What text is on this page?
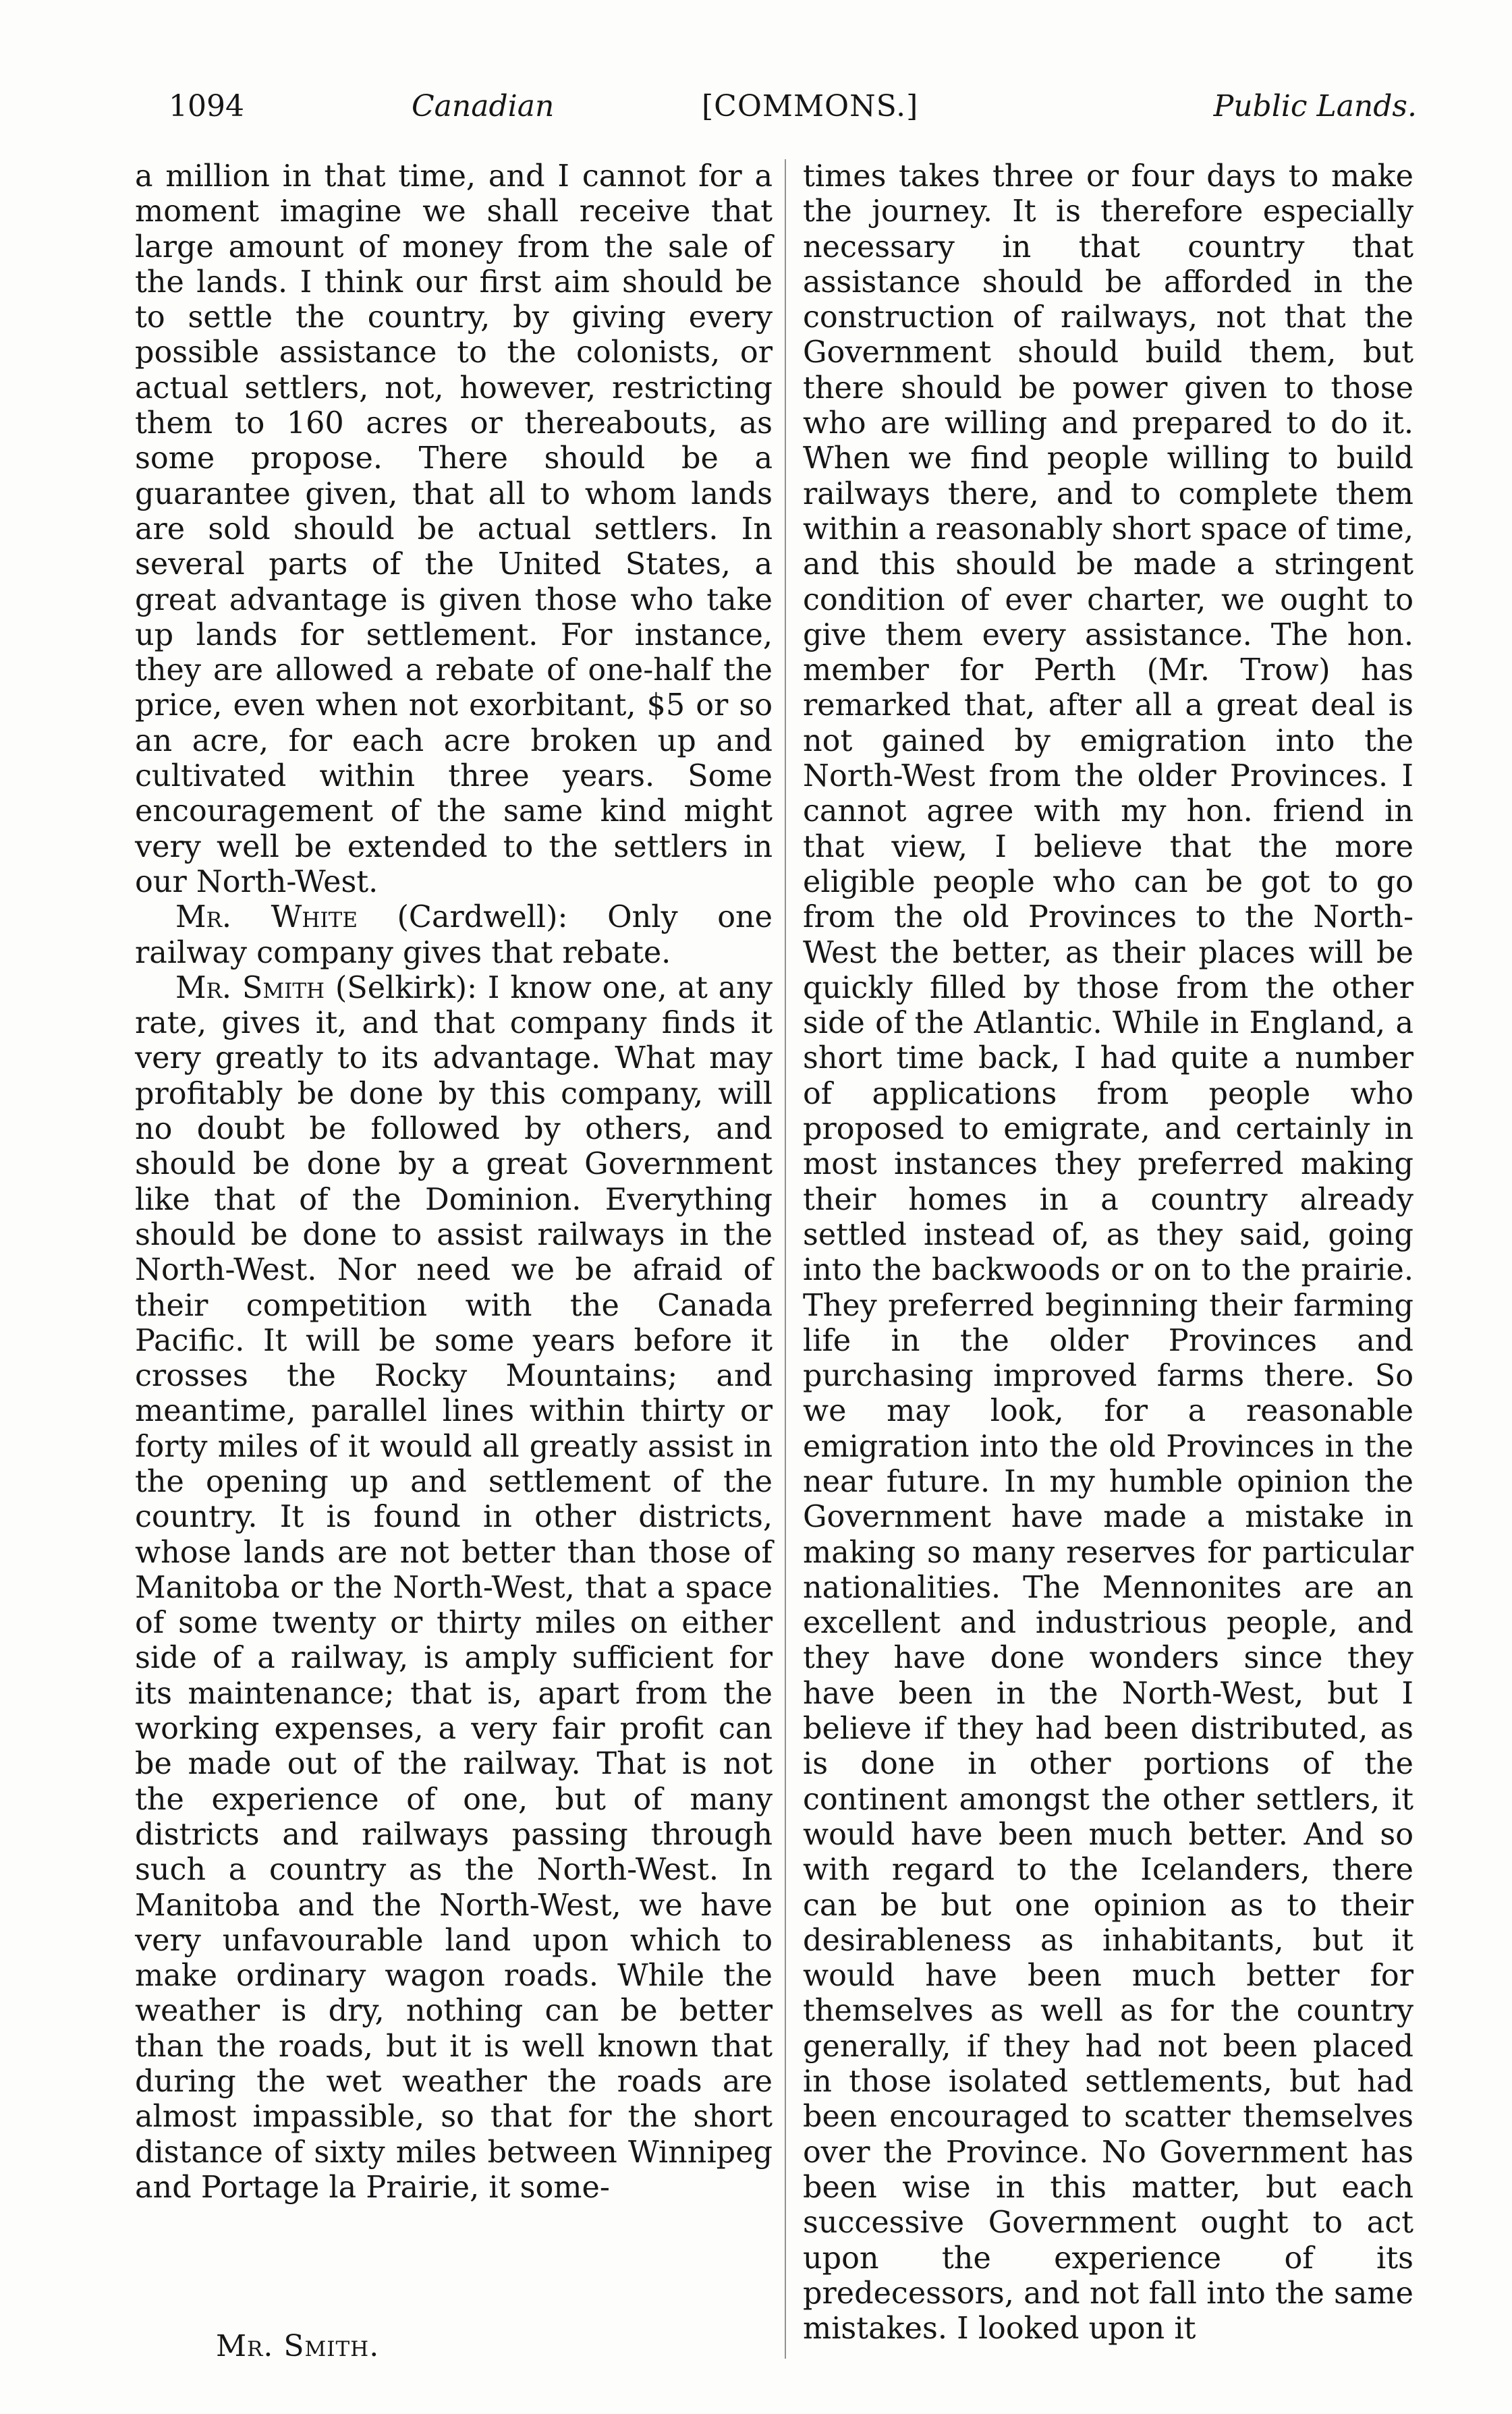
1094	Canadian	[COMMONS.]	Public Lands.

a million in that time, and I cannot for a moment imagine we shall receive that large amount of money from the sale of the lands. I think our first aim should be to settle the country, by giving every possible assistance to the colonists, or actual settlers, not, however, restricting them to 160 acres or thereabouts, as some propose. There should be a guarantee given, that all to whom lands are sold should be actual settlers. In several parts of the United States, a great advantage is given those who take up lands for settlement. For instance, they are allowed a rebate of one-half the price, even when not exorbitant, $5 or so an acre, for each acre broken up and cultivated within three years. Some encouragement of the same kind might very well be extended to the settlers in our North-West.

Mr. White (Cardwell): Only one railway company gives that rebate.

Mr. Smith (Selkirk): I know one, at any rate, gives it, and that company finds it very greatly to its advantage. What may profitably be done by this company, will no doubt be followed by others, and should be done by a great Government like that of the Dominion. Everything should be done to assist railways in the North-West. Nor need we be afraid of their competition with the Canada Pacific. It will be some years before it crosses the Rocky Mountains; and meantime, parallel lines within thirty or forty miles of it would all greatly assist in the opening up and settlement of the country. It is found in other districts, whose lands are not better than those of Manitoba or the North-West, that a space of some twenty or thirty miles on either side of a railway, is amply sufficient for its maintenance; that is, apart from the working expenses, a very fair profit can be made out of the railway. That is not the experience of one, but of many districts and railways passing through such a country as the North-West. In Manitoba and the North-West, we have very unfavourable land upon which to make ordinary wagon roads. While the weather is dry, nothing can be better than the roads, but it is well known that during the wet weather the roads are almost impassible, so that for the short distance of sixty miles between Winnipeg and Portage la Prairie, it some-

times takes three or four days to make the journey. It is therefore especially necessary in that country that assistance should be afforded in the construction of railways, not that the Government should build them, but there should be power given to those who are willing and prepared to do it. When we find people willing to build railways there, and to complete them within a reasonably short space of time, and this should be made a stringent condition of ever charter, we ought to give them every assistance. The hon. member for Perth (Mr. Trow) has remarked that, after all a great deal is not gained by emigration into the North-West from the older Provinces. I cannot agree with my hon. friend in that view, I believe that the more eligible people who can be got to go from the old Provinces to the North-West the better, as their places will be quickly filled by those from the other side of the Atlantic. While in England, a short time back, I had quite a number of applications from people who proposed to emigrate, and certainly in most instances they preferred making their homes in a country already settled instead of, as they said, going into the backwoods or on to the prairie. They preferred beginning their farming life in the older Provinces and purchasing improved farms there. So we may look, for a reasonable emigration into the old Provinces in the near future. In my humble opinion the Government have made a mistake in making so many reserves for particular nationalities. The Mennonites are an excellent and industrious people, and they have done wonders since they have been in the North-West, but I believe if they had been distributed, as is done in other portions of the continent amongst the other settlers, it would have been much better. And so with regard to the Icelanders, there can be but one opinion as to their desirableness as inhabitants, but it would have been much better for themselves as well as for the country generally, if they had not been placed in those isolated settlements, but had been encouraged to scatter themselves over the Province. No Government has been wise in this matter, but each successive Government ought to act upon the experience of its predecessors, and not fall into the same mistakes. I looked upon it

Mr. Smith.
